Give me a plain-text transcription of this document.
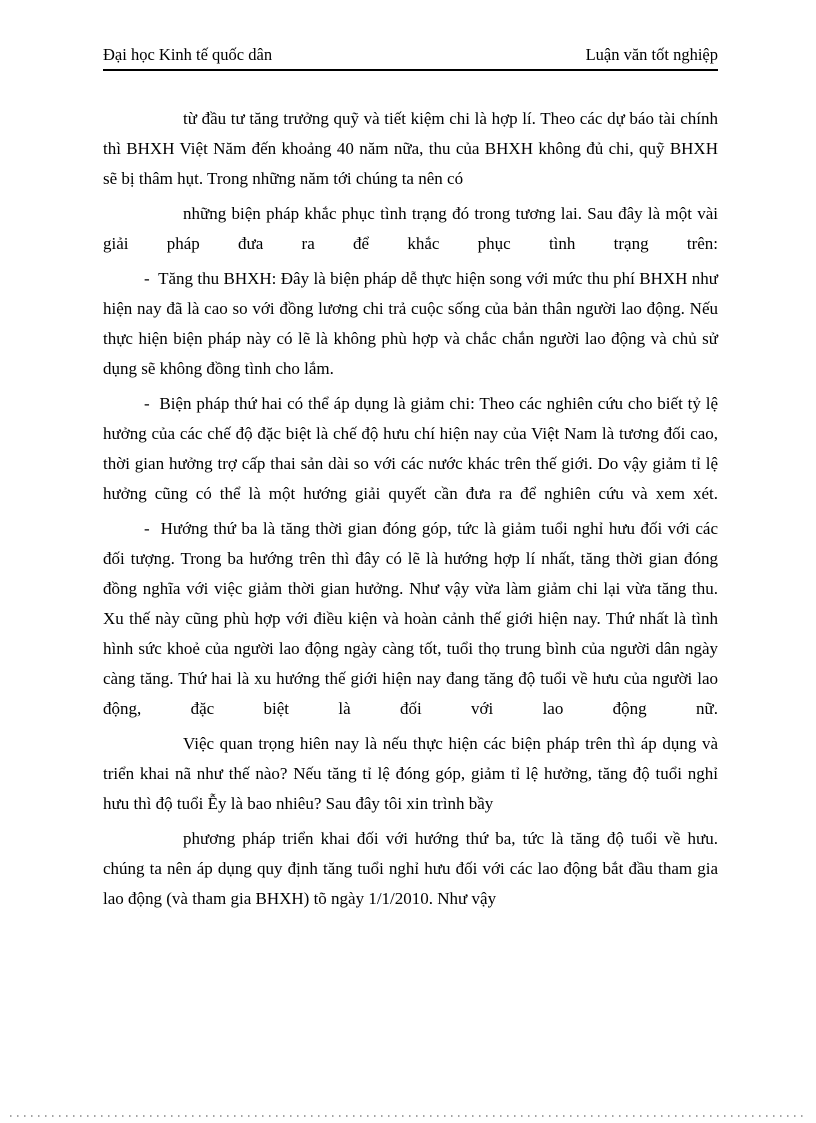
Đại học Kinh tế quốc dân	Luận văn tốt nghiệp

từ đầu tư tăng trưởng quỹ và tiết kiệm chi là hợp lí. Theo các dự báo tài chính thì BHXH Việt Năm đến khoảng 40 năm nữa, thu của BHXH không đủ chi, quỹ BHXH sẽ bị thâm hụt. Trong những năm tới chúng ta nên có

những biện pháp khắc phục tình trạng đó trong tương lai. Sau đây là một vài giải pháp đưa ra để khắc phục tình trạng trên:

-  Tăng thu BHXH: Đây là biện pháp dễ thực hiện song với mức thu phí BHXH như hiện nay đã là cao so với đồng lương chi trả cuộc sống của bản thân người lao động. Nếu thực hiện biện pháp này có lẽ là không phù hợp và chắc chắn người lao động và chủ sử dụng sẽ không đồng tình cho lắm.

-  Biện pháp thứ hai có thể áp dụng là giảm chi: Theo các nghiên cứu cho biết tỷ lệ hưởng của các chế độ đặc biệt là chế độ hưu chí hiện nay của Việt Nam là tương đối cao, thời gian hưởng trợ cấp thai sản dài so với các nước khác trên thế giới. Do vậy giảm tỉ lệ hưởng cũng có thể là một hướng giải quyết cần đưa ra để nghiên cứu và xem xét.

-  Hướng thứ ba là tăng thời gian đóng góp, tức là giảm tuổi nghỉ hưu đối với các đối tượng. Trong ba hướng trên thì đây có lẽ là hướng hợp lí nhất, tăng thời gian đóng đồng nghĩa với việc giảm thời gian hưởng. Như vậy vừa làm giảm chi lại vừa tăng thu. Xu thế này cũng phù hợp với điều kiện và hoàn cảnh thế giới hiện nay. Thứ nhất là tình hình sức khoẻ của người lao động ngày càng tốt, tuổi thọ trung bình của người dân ngày càng tăng. Thứ hai là xu hướng thế giới hiện nay đang tăng độ tuổi về hưu của người lao động, đặc biệt là đối với lao động nữ.

Việc quan trọng hiên nay là nếu thực hiện các biện pháp trên thì áp dụng và triển khai nã như thế nào? Nếu tăng tỉ lệ đóng góp, giảm tỉ lệ hưởng, tăng độ tuổi nghỉ hưu thì độ tuổi Ễy là bao nhiêu? Sau đây tôi xin trình bầy

phương pháp triển khai đối với hướng thứ ba, tức là tăng độ tuổi về hưu. chúng ta nên áp dụng quy định tăng tuổi nghỉ hưu đối với các lao động bắt đầu tham gia lao động (và tham gia BHXH) tõ ngày 1/1/2010. Như vậy
